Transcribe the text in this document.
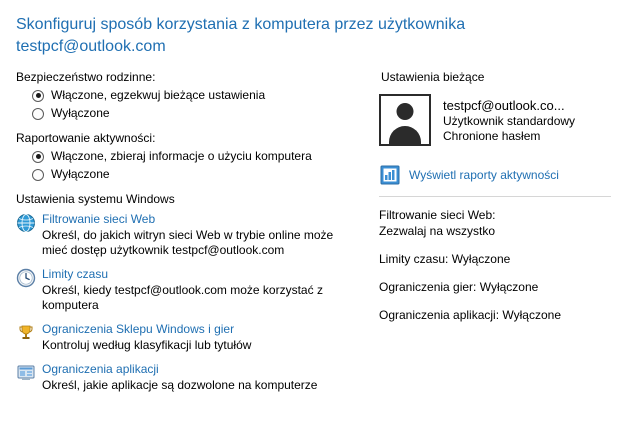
Skonfiguruj sposób korzystania z komputera przez użytkownika
testpcf@outlook.com
Bezpieczeństwo rodzinne:
Włączone, egzekwuj bieżące ustawienia
Wyłączone
Raportowanie aktywności:
Włączone, zbieraj informacje o użyciu komputera
Wyłączone
Ustawienia systemu Windows
Filtrowanie sieci Web
Określ, do jakich witryn sieci Web w trybie online może mieć dostęp użytkownik testpcf@outlook.com
Limity czasu
Określ, kiedy testpcf@outlook.com może korzystać z komputera
Ograniczenia Sklepu Windows i gier
Kontroluj według klasyfikacji lub tytułów
Ograniczenia aplikacji
Określ, jakie aplikacje są dozwolone na komputerze
Ustawienia bieżące
testpcf@outlook.co...
Użytkownik standardowy
Chronione hasłem
Wyświetl raporty aktywności
Filtrowanie sieci Web:
Zezwalaj na wszystko
Limity czasu: Wyłączone
Ograniczenia gier: Wyłączone
Ograniczenia aplikacji: Wyłączone
